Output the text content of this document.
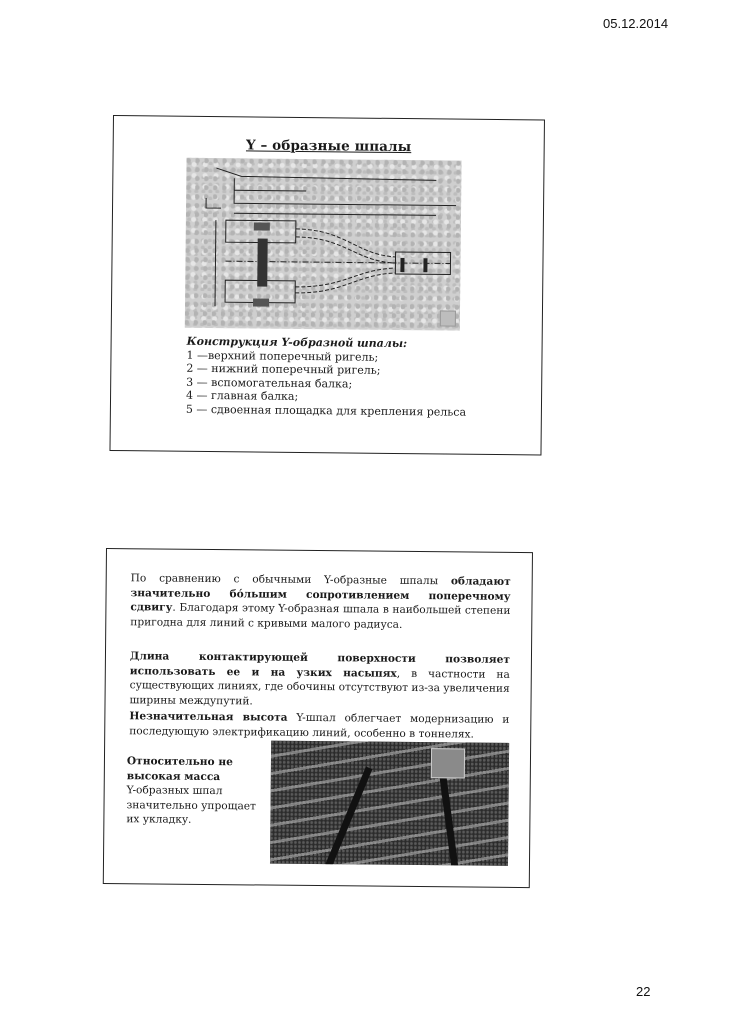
05.12.2014
Y – образные шпалы
Конструкция Y-образной шпалы:
1 —верхний поперечный ригель;
2 — нижний поперечный ригель;
3 — вспомогательная балка;
4 — главная балка;
5 — сдвоенная площадка для крепления рельса
По сравнению с обычными Y-образные шпалы обладают значительно бóльшим сопротивлением поперечному сдвигу. Благодаря этому Y-образная шпала в наибольшей степени пригодна для линий с кривыми малого радиуса.
Длина контактирующей поверхности позволяет использовать ее и на узких насыпях, в частности на существующих линиях, где обочины отсутствуют из-за увеличения ширины междупутий.
Незначительная высота Y-шпал облегчает модернизацию и последующую электрификацию линий, особенно в тоннелях.
Относительно не высокая масса
Y-образных шпал значительно упрощает их укладку.
22
